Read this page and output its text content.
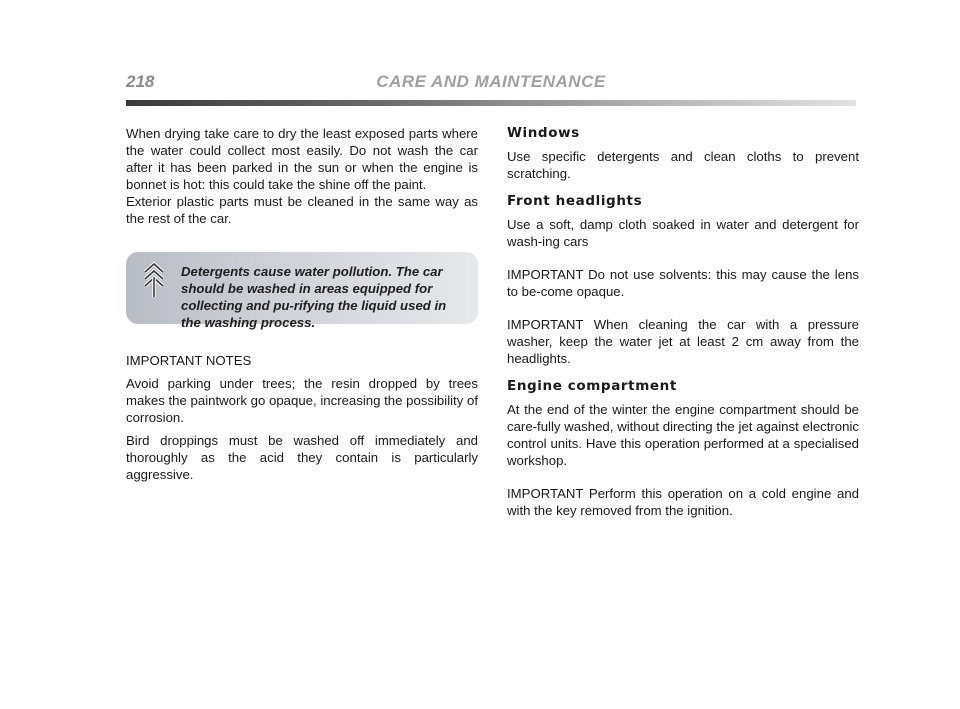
218	CARE AND MAINTENANCE

When drying take care to dry the least exposed parts where the water could collect most easily. Do not wash the car after it has been parked in the sun or when the engine is bonnet is hot: this could take the shine off the paint.

Exterior plastic parts must be cleaned in the same way as the rest of the car.

Detergents cause water pollution. The car should be washed in areas equipped for collecting and pu-rifying the liquid used in the washing process.

IMPORTANT NOTES

Avoid parking under trees; the resin dropped by trees makes the paintwork go opaque, increasing the possibility of corrosion.

Bird droppings must be washed off immediately and thoroughly as the acid they contain is particularly aggressive.

Windows

Use specific detergents and clean cloths to prevent scratching.

Front headlights

Use a soft, damp cloth soaked in water and detergent for wash-ing cars

IMPORTANT Do not use solvents: this may cause the lens to be-come opaque.

IMPORTANT When cleaning the car with a pressure washer, keep the water jet at least 2 cm away from the headlights.

Engine compartment

At the end of the winter the engine compartment should be care-fully washed, without directing the jet against electronic control units. Have this operation performed at a specialised workshop.

IMPORTANT Perform this operation on a cold engine and with the key removed from the ignition.
